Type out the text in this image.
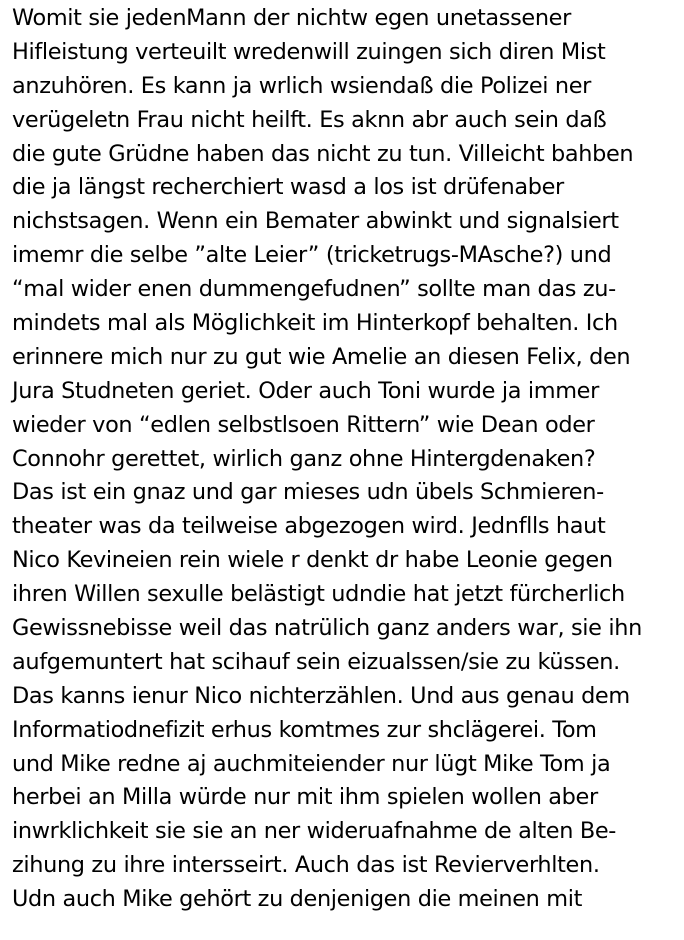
Womit sie jedenMann der nichtw egen unetassener
Hifleistung verteuilt wredenwill zuingen sich diren Mist
anzuhören. Es kann ja wrlich wsiendaß die Polizei ner
verügeletn Frau nicht heilft. Es aknn abr auch sein daß
die gute Grüdne haben das nicht zu tun. Villeicht bahben
die ja längst recherchiert wasd a los ist drüfenaber
nichstsagen. Wenn ein Bemater abwinkt und signalsiert
imemr die selbe ”alte Leier” (tricketrugs-MAsche?) und
“mal wider enen dummengefudnen” sollte man das zu-
mindets mal als Möglichkeit im Hinterkopf behalten. Ich
erinnere mich nur zu gut wie Amelie an diesen Felix, den
Jura Studneten geriet. Oder auch Toni wurde ja immer
wieder von “edlen selbstlsoen Rittern” wie Dean oder
Connohr gerettet, wirlich ganz ohne Hintergdenaken?
Das ist ein gnaz und gar mieses udn übels Schmieren-
theater was da teilweise abgezogen wird. Jednflls haut
Nico Kevineien rein wiele r denkt dr habe Leonie gegen
ihren Willen sexulle belästigt udndie hat jetzt fürcherlich
Gewissnebisse weil das natrülich ganz anders war, sie ihn
aufgemuntert hat scihauf sein eizualssen/sie zu küssen.
Das kanns ienur Nico nichterzählen. Und aus genau dem
Informatiodnefizit erhus komtmes zur shclägerei. Tom
und Mike redne aj auchmiteiender nur lügt Mike Tom ja
herbei an Milla würde nur mit ihm spielen wollen aber
inwrklichkeit sie sie an ner wideruafnahme de alten Be-
zihung zu ihre intersseirt. Auch das ist Revierverhlten.
Udn auch Mike gehört zu denjenigen die meinen mit
